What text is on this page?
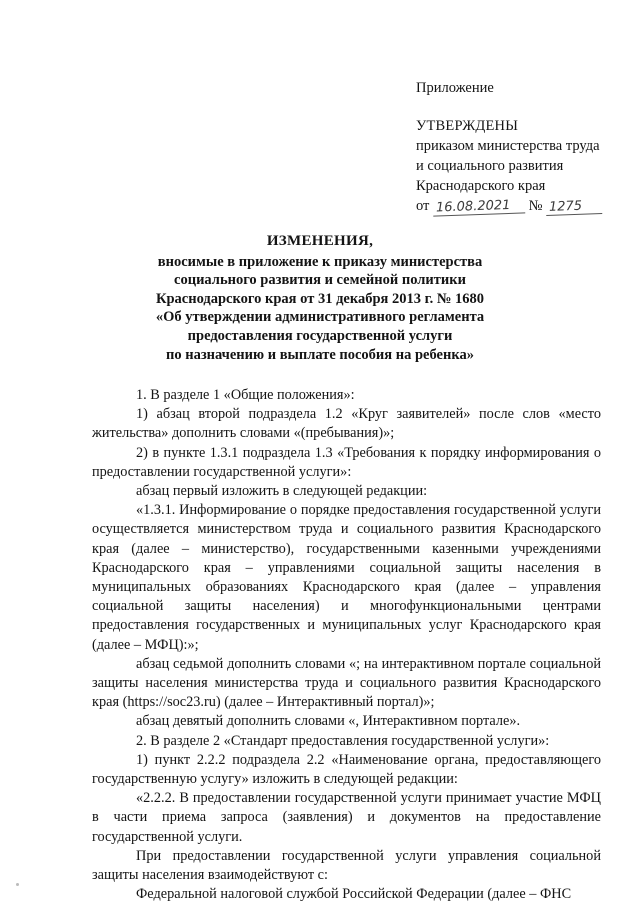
Приложение
УТВЕРЖДЕНЫ
приказом министерства труда
и социального развития
Краснодарского края
от 16.08.2021 № 1275
ИЗМЕНЕНИЯ,
вносимые в приложение к приказу министерства
социального развития и семейной политики
Краснодарского края от 31 декабря 2013 г. № 1680
«Об утверждении административного регламента
предоставления государственной услуги
по назначению и выплате пособия на ребенка»

1. В разделе 1 «Общие положения»:

1) абзац второй подраздела 1.2 «Круг заявителей» после слов «место жительства» дополнить словами «(пребывания)»;

2) в пункте 1.3.1 подраздела 1.3 «Требования к порядку информирования о предоставлении государственной услуги»:

абзац первый изложить в следующей редакции:

«1.3.1. Информирование о порядке предоставления государственной услуги осуществляется министерством труда и социального развития Краснодарского края (далее – министерство), государственными казенными учреждениями Краснодарского края – управлениями социальной защиты населения в муниципальных образованиях Краснодарского края (далее – управления социальной защиты населения) и многофункциональными центрами предоставления государственных и муниципальных услуг Краснодарского края (далее – МФЦ):»;

абзац седьмой дополнить словами «; на интерактивном портале социальной защиты населения министерства труда и социального развития Краснодарского края (https://soc23.ru) (далее – Интерактивный портал)»;

абзац девятый дополнить словами «, Интерактивном портале».

2. В разделе 2 «Стандарт предоставления государственной услуги»:

1) пункт 2.2.2 подраздела 2.2 «Наименование органа, предоставляющего государственную услугу» изложить в следующей редакции:

«2.2.2. В предоставлении государственной услуги принимает участие МФЦ в части приема запроса (заявления) и документов на предоставление государственной услуги.

При предоставлении государственной услуги управления социальной защиты населения взаимодействуют с:

Федеральной налоговой службой Российской Федерации (далее – ФНС
